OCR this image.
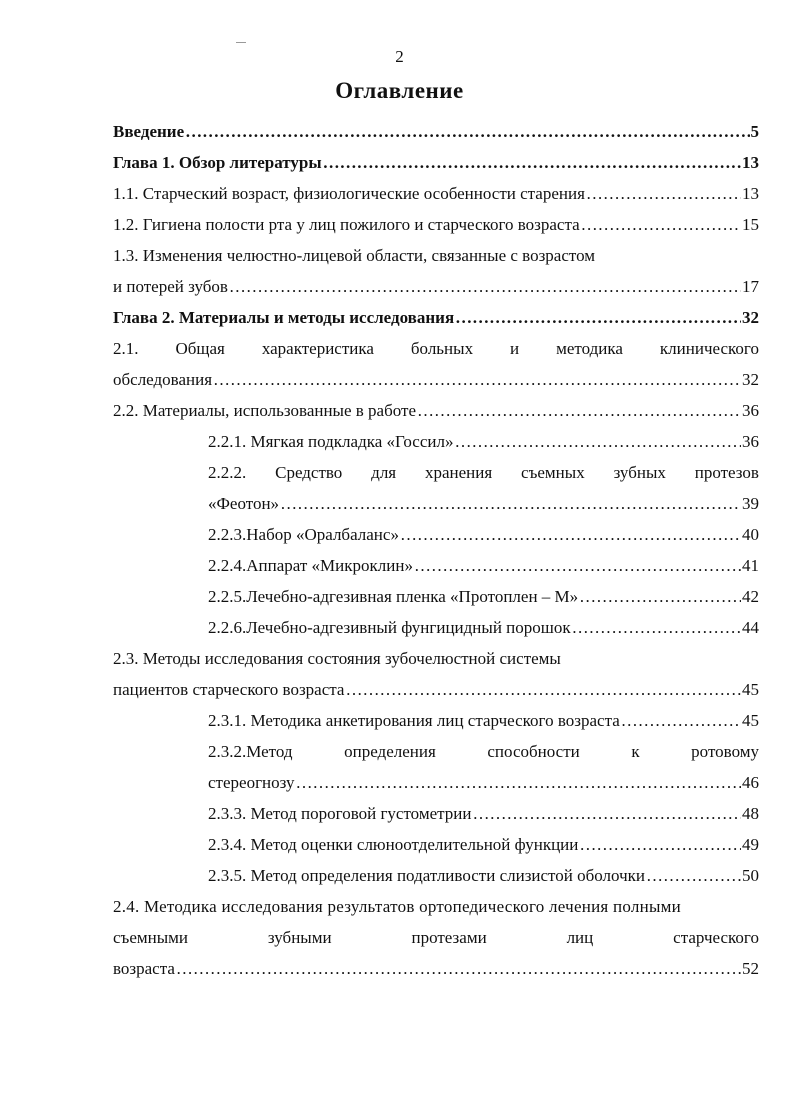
2
Оглавление
Введение …………………………………………………………………………………………………………………………………………	5
Глава 1. Обзор литературы …………………………………………………………………………………………………………………………………………	13
1.1. Старческий возраст, физиологические особенности старения …………………………………………………………………………………………………………………………………………	13
1.2. Гигиена полости рта у лиц пожилого и старческого возраста …………………………………………………………………………………………………………………………………………	15
1.3. Изменения челюстно-лицевой области, связанные с возрастом
и потерей зубов …………………………………………………………………………………………………………………………………………	17
Глава 2. Материалы и методы исследования …………………………………………………………………………………………………………………………………………	32
2.1. Общая характеристика больных и методика клинического
обследования …………………………………………………………………………………………………………………………………………	32
2.2. Материалы, использованные в работе …………………………………………………………………………………………………………………………………………	36
2.2.1. Мягкая подкладка «Госсил» …………………………………………………………………………………………………………………………………………	36
2.2.2. Средство для хранения съемных зубных протезов
«Феотон» …………………………………………………………………………………………………………………………………………	39
2.2.3.Набор «Оралбаланс» …………………………………………………………………………………………………………………………………………	40
2.2.4.Аппарат «Микроклин» …………………………………………………………………………………………………………………………………………	41
2.2.5.Лечебно-адгезивная пленка «Протоплен – М» …………………………………………………………………………………………………………………………………………	42
2.2.6.Лечебно-адгезивный фунгицидный порошок …………………………………………………………………………………………………………………………………………	44
2.3. Методы исследования состояния зубочелюстной системы
пациентов старческого возраста …………………………………………………………………………………………………………………………………………	45
2.3.1. Методика анкетирования лиц старческого возраста …………………………………………………………………………………………………………………………………………	45
2.3.2.Метод	определения	способности	к	ротовому
стереогнозу …………………………………………………………………………………………………………………………………………	46
2.3.3. Метод пороговой густометрии …………………………………………………………………………………………………………………………………………	48
2.3.4. Метод оценки слюноотделительной функции …………………………………………………………………………………………………………………………………………	49
2.3.5. Метод определения податливости слизистой оболочки …………………………………………………………………………………………………………………………………………	50
2.4. Методика исследования результатов ортопедического лечения полными
съемными	зубными	протезами	лиц	старческого
возраста …………………………………………………………………………………………………………………………………………	52
